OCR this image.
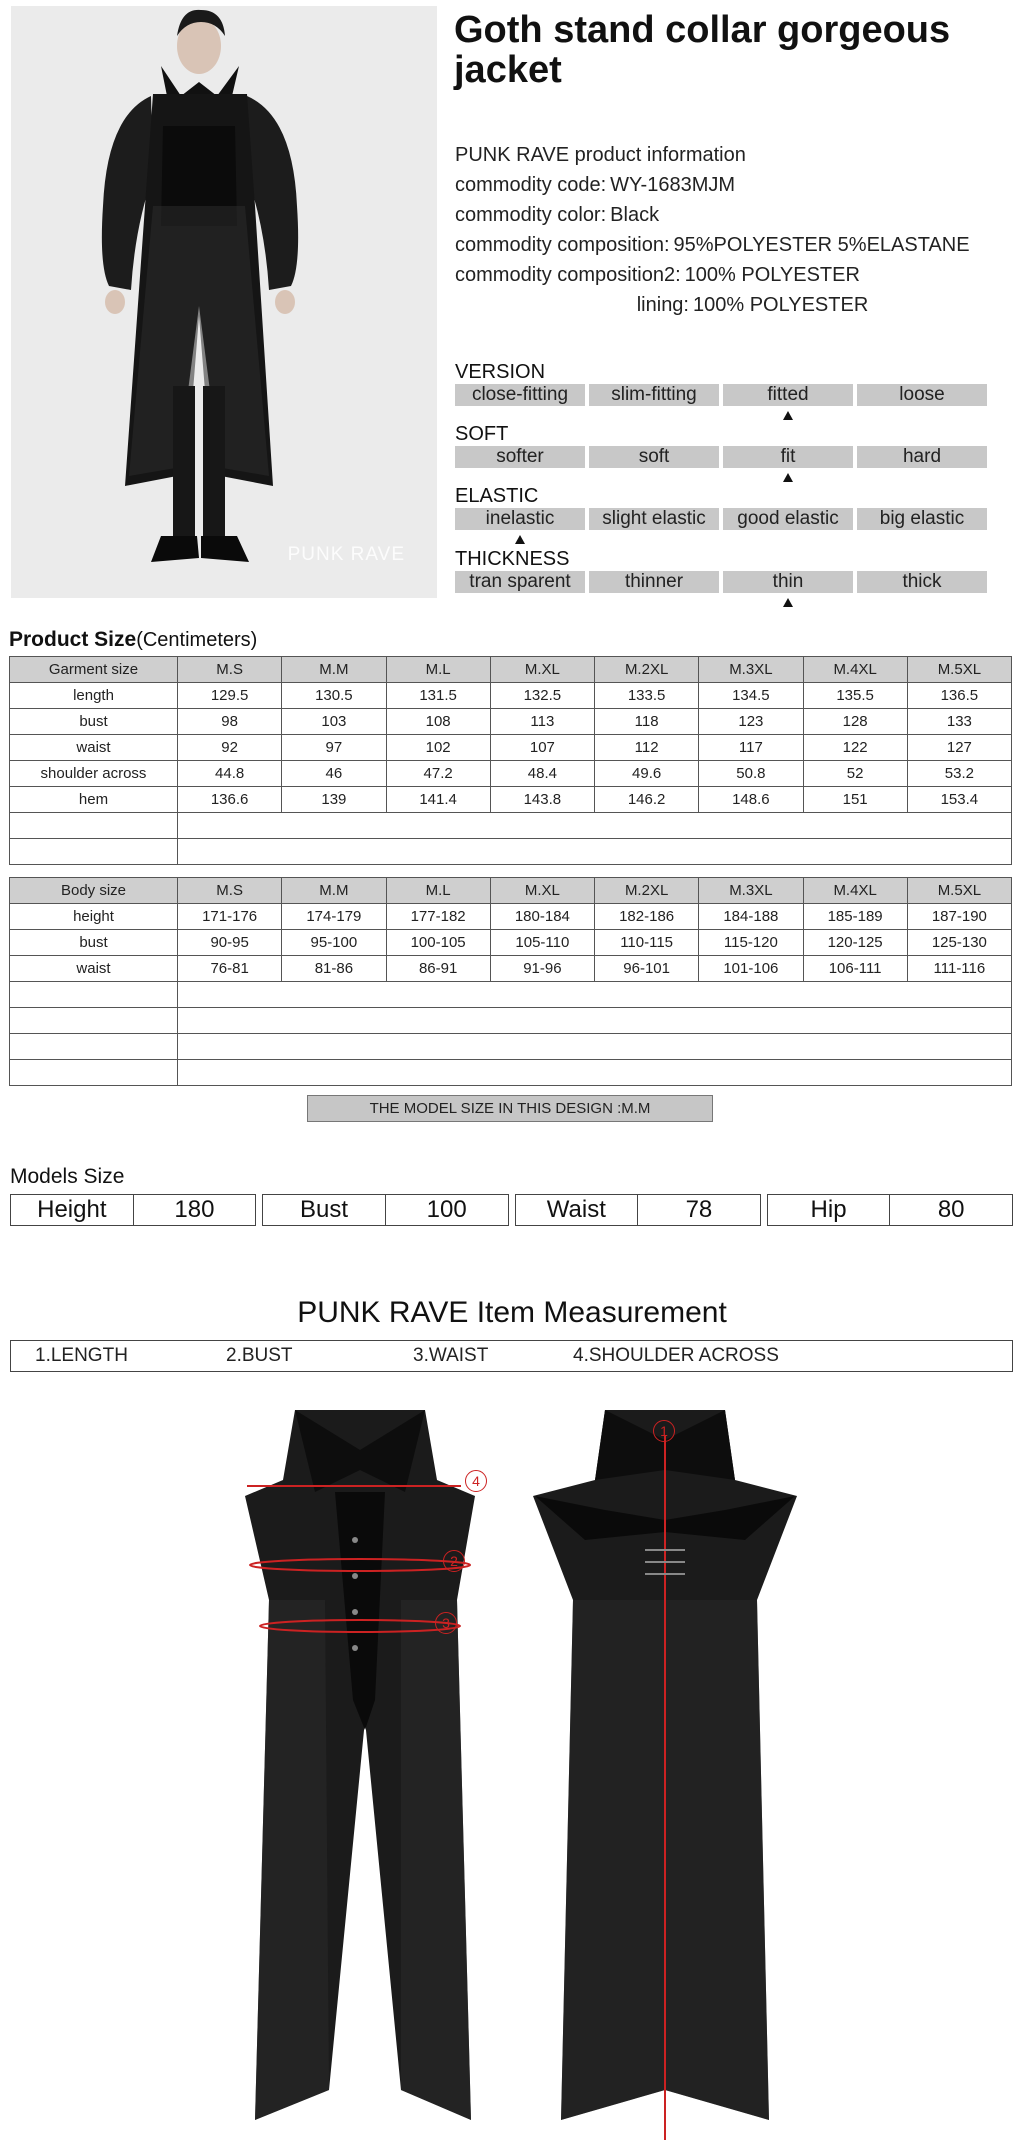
PUNK RAVE
Goth stand collar gorgeous jacket
PUNK RAVE product information
commodity code: WY-1683MJM
commodity color: Black
commodity composition: 95%POLYESTER 5%ELASTANE
commodity composition2: 100% POLYESTER
lining: 100% POLYESTER
VERSION
close-fitting	slim-fitting	fitted	loose
SOFT
softer	soft	fit	hard
ELASTIC
inelastic	slight elastic	good elastic	big elastic
THICKNESS
tran sparent	thinner	thin	thick
Product Size(Centimeters)
Garment size	M.S	M.M	M.L	M.XL	M.2XL	M.3XL	M.4XL	M.5XL
length	129.5	130.5	131.5	132.5	133.5	134.5	135.5	136.5
bust	98	103	108	113	118	123	128	133
waist	92	97	102	107	112	117	122	127
shoulder across	44.8	46	47.2	48.4	49.6	50.8	52	53.2
hem	136.6	139	141.4	143.8	146.2	148.6	151	153.4

Body size	M.S	M.M	M.L	M.XL	M.2XL	M.3XL	M.4XL	M.5XL
height	171-176	174-179	177-182	180-184	182-186	184-188	185-189	187-190
bust	90-95	95-100	100-105	105-110	110-115	115-120	120-125	125-130
waist	76-81	81-86	86-91	91-96	96-101	101-106	106-111	111-116

THE MODEL SIZE IN THIS DESIGN :M.M
Models Size
Height	180	Bust	100	Waist	78	Hip	80
PUNK RAVE Item Measurement
1.LENGTH	2.BUST	3.WAIST	4.SHOULDER ACROSS
4
2
3
1
